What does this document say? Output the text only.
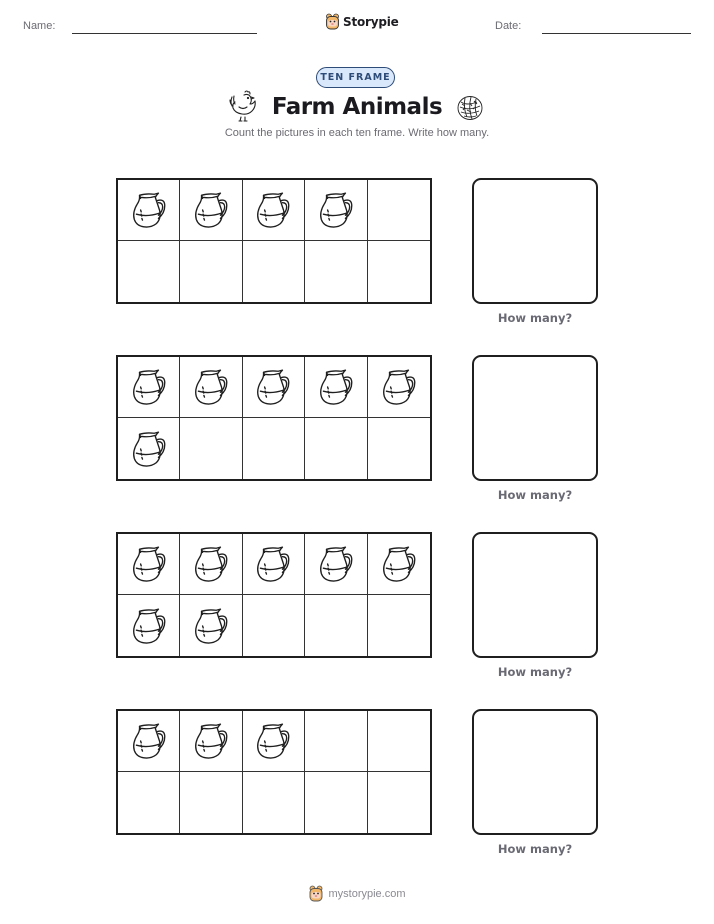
Name:	Storypie	Date:
TEN FRAME
Farm Animals
Count the pictures in each ten frame. Write how many.
How many?
How many?
How many?
How many?
mystorypie.com
